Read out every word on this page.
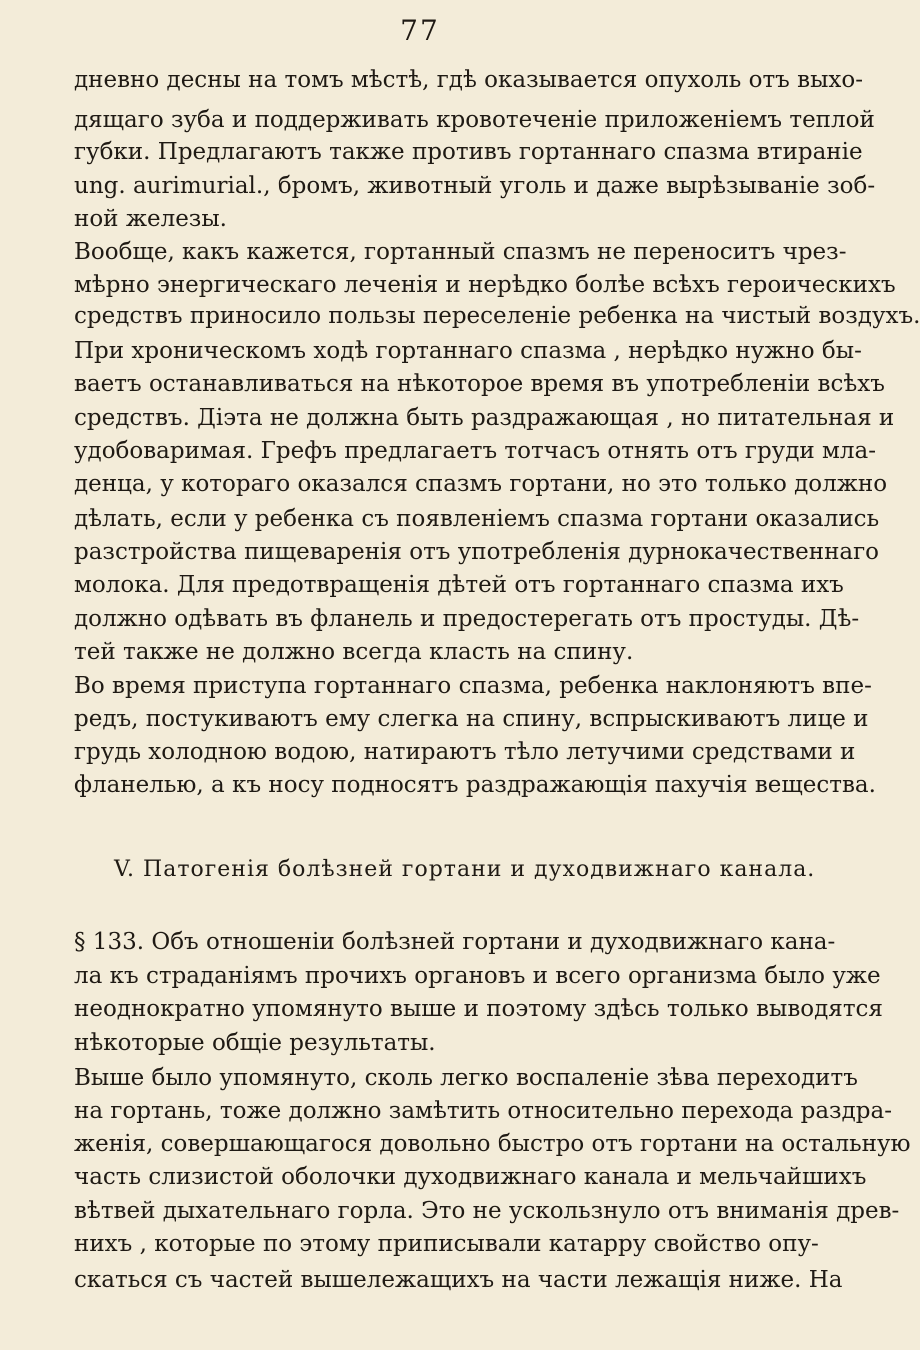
77
дневно десны на томъ мѣстѣ, гдѣ оказывается опухоль отъ выхо-
дящаго зуба и поддерживать кровотеченіе приложеніемъ теплой
губки. Предлагаютъ также противъ гортаннаго спазма втираніе
ung. aurimurial., бромъ, животный уголь и даже вырѣзываніе зоб-
ной железы.
Вообще, какъ кажется, гортанный спазмъ не переноситъ чрез-
мѣрно энергическаго леченія и нерѣдко болѣе всѣхъ героическихъ
средствъ приносило пользы переселеніе ребенка на чистый воздухъ.
При хроническомъ ходѣ гортаннаго спазма , нерѣдко нужно бы-
ваетъ останавливаться на нѣкоторое время въ употребленіи всѣхъ
средствъ. Діэта не должна быть раздражающая , но питательная и
удобоваримая. Грефъ предлагаетъ тотчасъ отнять отъ груди мла-
денца, у котораго оказался спазмъ гортани, но это только должно
дѣлать, если у ребенка съ появленіемъ спазма гортани оказались
разстройства пищеваренія отъ употребленія дурнокачественнаго
молока. Для предотвращенія дѣтей отъ гортаннаго спазма ихъ
должно одѣвать въ фланель и предостерегать отъ простуды. Дѣ-
тей также не должно всегда класть на спину.
Во время приступа гортаннаго спазма, ребенка наклоняютъ впе-
редъ, постукиваютъ ему слегка на спину, вспрыскиваютъ лице и
грудь холодною водою, натираютъ тѣло летучими средствами и
фланелью, а къ носу подносятъ раздражающія пахучія вещества.
V. Патогенія болѣзней гортани и духодвижнаго канала.
§ 133. Объ отношеніи болѣзней гортани и духодвижнаго кана-
ла къ страданіямъ прочихъ органовъ и всего организма было уже
неоднократно упомянуто выше и поэтому здѣсь только выводятся
нѣкоторые общіе результаты.
Выше было упомянуто, сколь легко воспаленіе зѣва переходитъ
на гортань, тоже должно замѣтить относительно перехода раздра-
женія, совершающагося довольно быстро отъ гортани на остальную
часть слизистой оболочки духодвижнаго канала и мельчайшихъ
вѣтвей дыхательнаго горла. Это не ускользнуло отъ вниманія древ-
нихъ , которые по этому приписывали катарру свойство опу-
скаться съ частей вышележащихъ на части лежащія ниже. На
